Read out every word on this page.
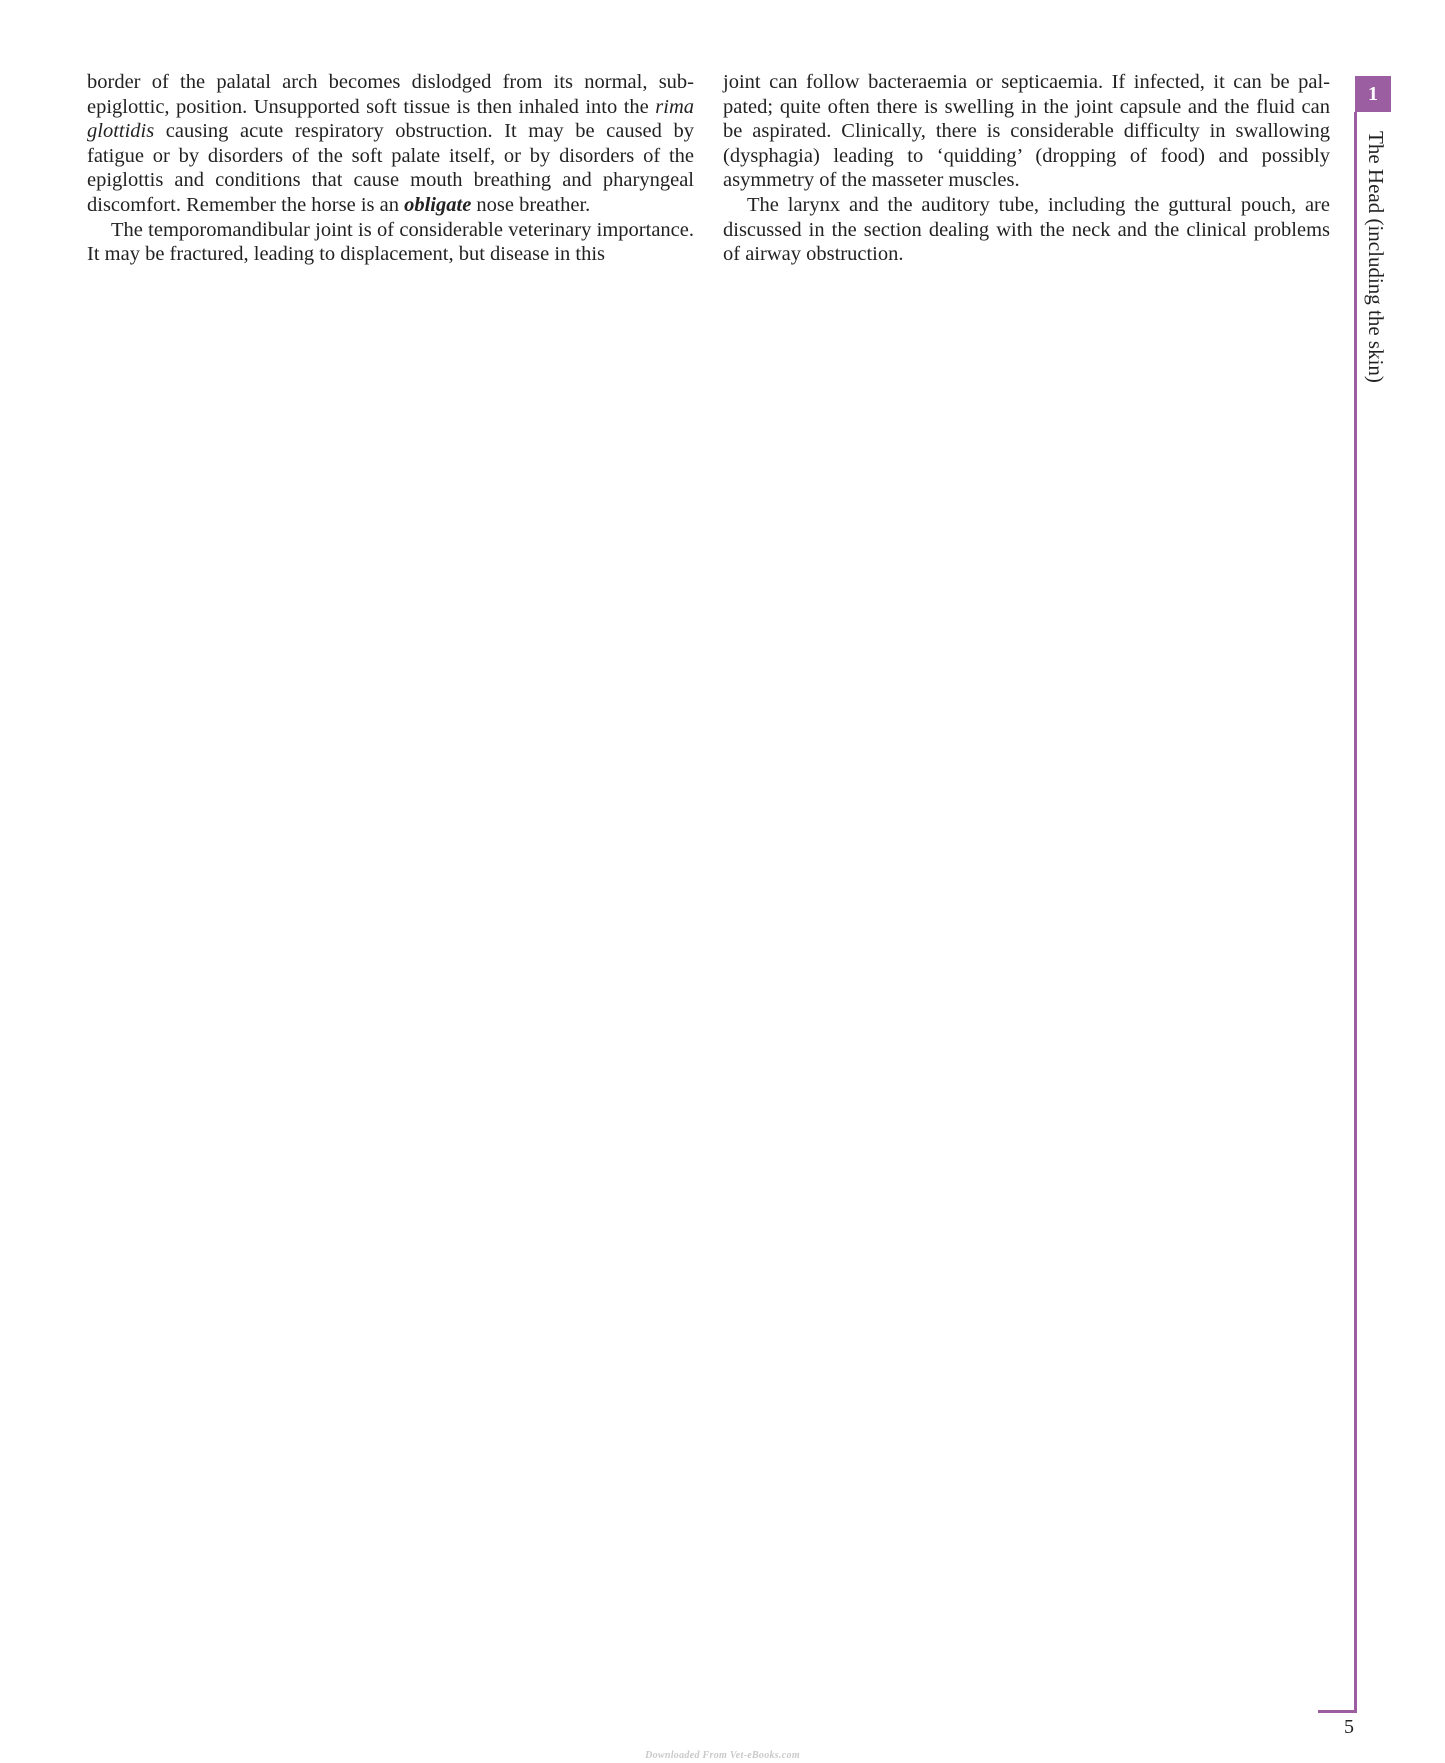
border of the palatal arch becomes dislodged from its normal, subepiglottic, position. Unsupported soft tissue is then inhaled into the rima glottidis causing acute respiratory obstruction. It may be caused by fatigue or by disorders of the soft palate itself, or by disorders of the epiglottis and conditions that cause mouth breathing and pharyngeal discomfort. Remember the horse is an obligate nose breather.

The temporomandibular joint is of considerable veterinary importance. It may be fractured, leading to displacement, but disease in this

joint can follow bacteraemia or septicaemia. If infected, it can be palpated; quite often there is swelling in the joint capsule and the fluid can be aspirated. Clinically, there is considerable difficulty in swallowing (dysphagia) leading to ‘quidding’ (dropping of food) and possibly asymmetry of the masseter muscles.

The larynx and the auditory tube, including the guttural pouch, are discussed in the section dealing with the neck and the clinical problems of airway obstruction.

1
The Head (including the skin)
5
Downloaded From Vet-eBooks.com
